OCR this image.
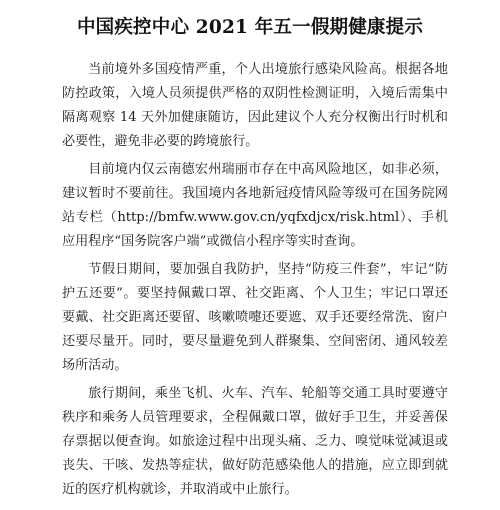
中国疾控中心 2021 年五一假期健康提示

当前境外多国疫情严重，个人出境旅行感染风险高。根据各地防控政策，入境人员须提供严格的双阴性检测证明，入境后需集中隔离观察 14 天外加健康随访，因此建议个人充分权衡出行时机和必要性，避免非必要的跨境旅行。

目前境内仅云南德宏州瑞丽市存在中高风险地区，如非必须，建议暂时不要前往。我国境内各地新冠疫情风险等级可在国务院网站专栏（http://bmfw.www.gov.cn/yqfxdjcx/risk.html）、手机应用程序“国务院客户端”或微信小程序等实时查询。

节假日期间，要加强自我防护，坚持“防疫三件套”，牢记“防护五还要”。要坚持佩戴口罩、社交距离、个人卫生；牢记口罩还要戴、社交距离还要留、咳嗽喷嚏还要遮、双手还要经常洗、窗户还要尽量开。同时，要尽量避免到人群聚集、空间密闭、通风较差场所活动。

旅行期间，乘坐飞机、火车、汽车、轮船等交通工具时要遵守秩序和乘务人员管理要求，全程佩戴口罩，做好手卫生，并妥善保存票据以便查询。如旅途过程中出现头痛、乏力、嗅觉味觉减退或丧失、干咳、发热等症状，做好防范感染他人的措施，应立即到就近的医疗机构就诊，并取消或中止旅行。
